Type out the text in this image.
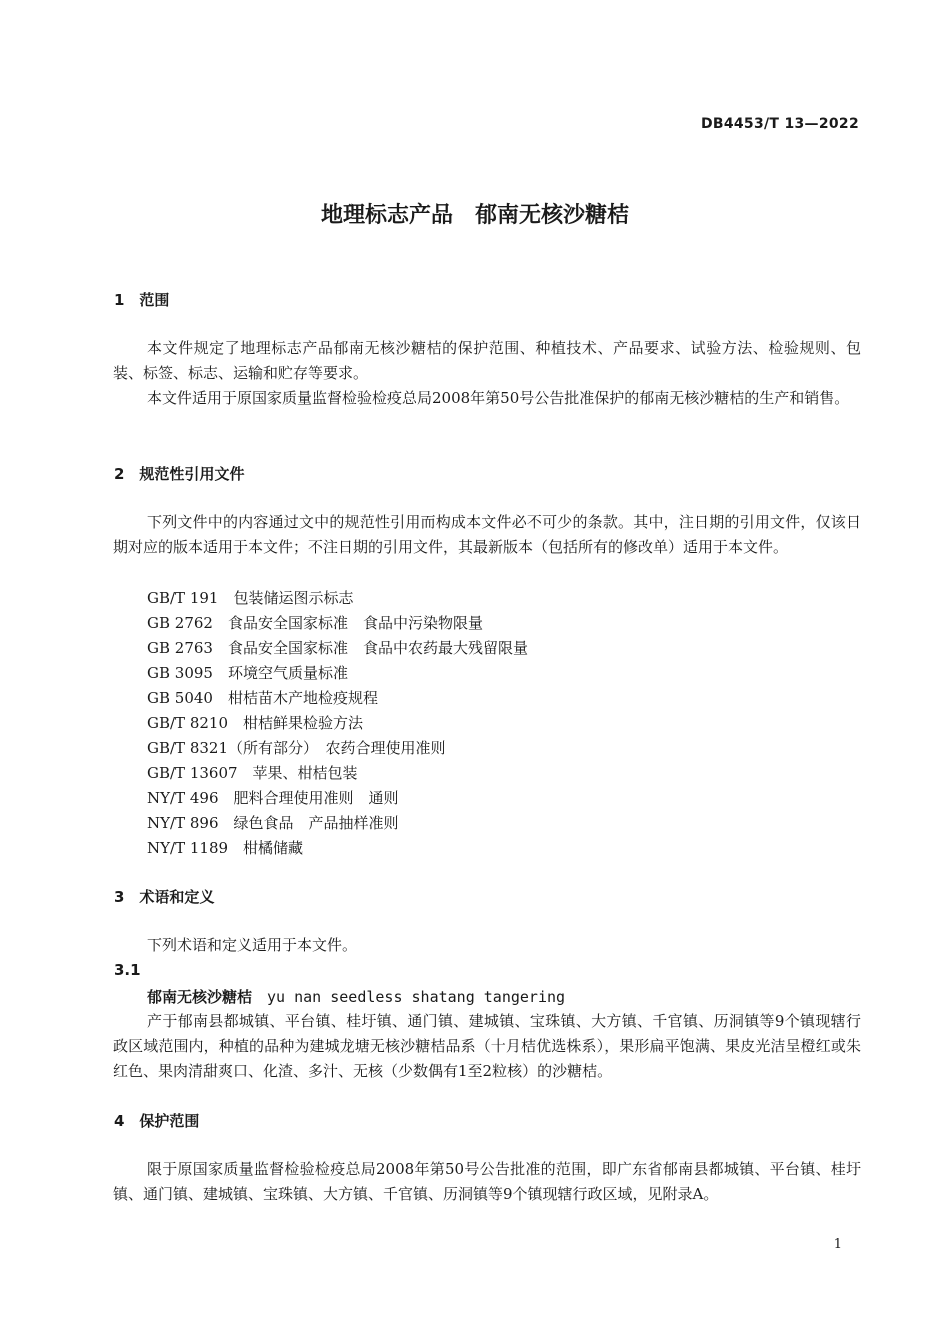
DB4453/T 13—2022
地理标志产品　郁南无核沙糖桔
1　范围
本文件规定了地理标志产品郁南无核沙糖桔的保护范围、种植技术、产品要求、试验方法、检验规则、包装、标签、标志、运输和贮存等要求。
本文件适用于原国家质量监督检验检疫总局2008年第50号公告批准保护的郁南无核沙糖桔的生产和销售。
2　规范性引用文件
下列文件中的内容通过文中的规范性引用而构成本文件必不可少的条款。其中，注日期的引用文件，仅该日期对应的版本适用于本文件；不注日期的引用文件，其最新版本（包括所有的修改单）适用于本文件。
GB/T 191　包装储运图示标志
GB 2762　食品安全国家标准　食品中污染物限量
GB 2763　食品安全国家标准　食品中农药最大残留限量
GB 3095　环境空气质量标准
GB 5040　柑桔苗木产地检疫规程
GB/T 8210　柑桔鲜果检验方法
GB/T 8321（所有部分）　农药合理使用准则
GB/T 13607　苹果、柑桔包装
NY/T 496　肥料合理使用准则　通则
NY/T 896　绿色食品　产品抽样准则
NY/T 1189　柑橘储藏
3　术语和定义
下列术语和定义适用于本文件。
3.1
郁南无核沙糖桔　 yu nan seedless shatang tangering
产于郁南县都城镇、平台镇、桂圩镇、通门镇、建城镇、宝珠镇、大方镇、千官镇、历洞镇等9个镇现辖行政区域范围内，种植的品种为建城龙塘无核沙糖桔品系（十月桔优选株系），果形扁平饱满、果皮光洁呈橙红或朱红色、果肉清甜爽口、化渣、多汁、无核（少数偶有1至2粒核）的沙糖桔。
4　保护范围
限于原国家质量监督检验检疫总局2008年第50号公告批准的范围，即广东省郁南县都城镇、平台镇、桂圩镇、通门镇、建城镇、宝珠镇、大方镇、千官镇、历洞镇等9个镇现辖行政区域，见附录A。
1
